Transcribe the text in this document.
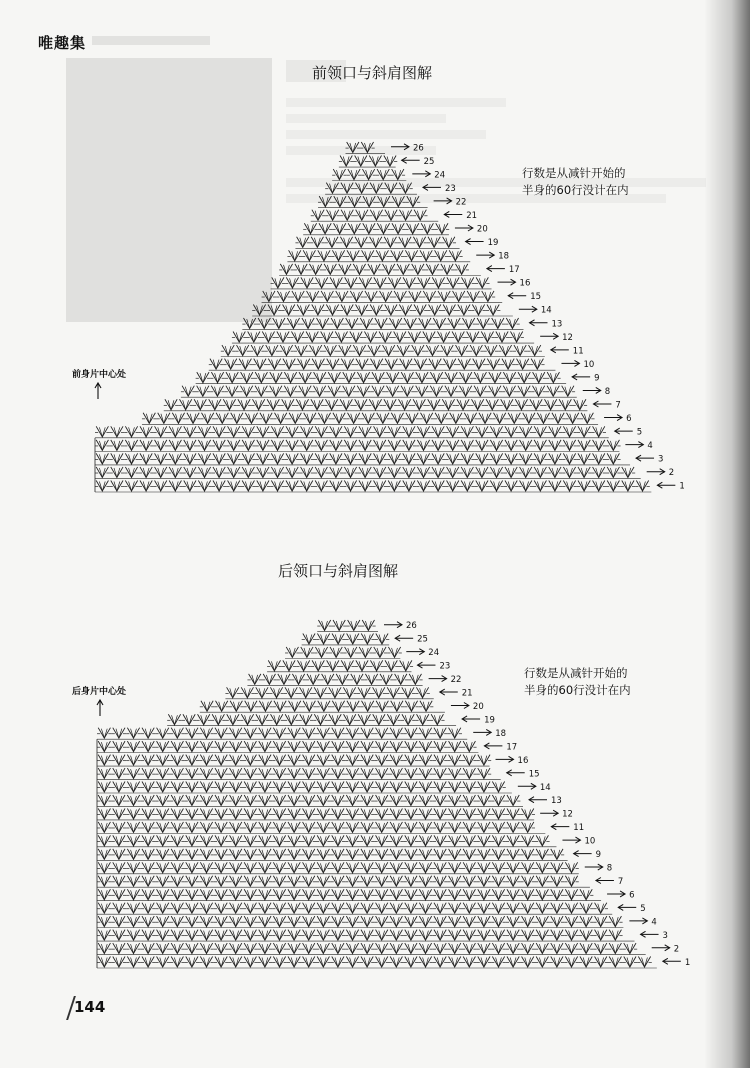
唯趣集
前领口与斜肩图解
前身片中心处
行数是从减针开始的
半身的60行没计在内
后领口与斜肩图解
后身片中心处
行数是从减针开始的
半身的60行没计在内
1
2
3
4
5
6
7
8
9
10
11
12
13
14
15
16
17
18
19
20
21
22
23
24
25
26
1
2
3
4
5
6
7
8
9
10
11
12
13
14
15
16
17
18
19
20
21
22
23
24
25
26
144
